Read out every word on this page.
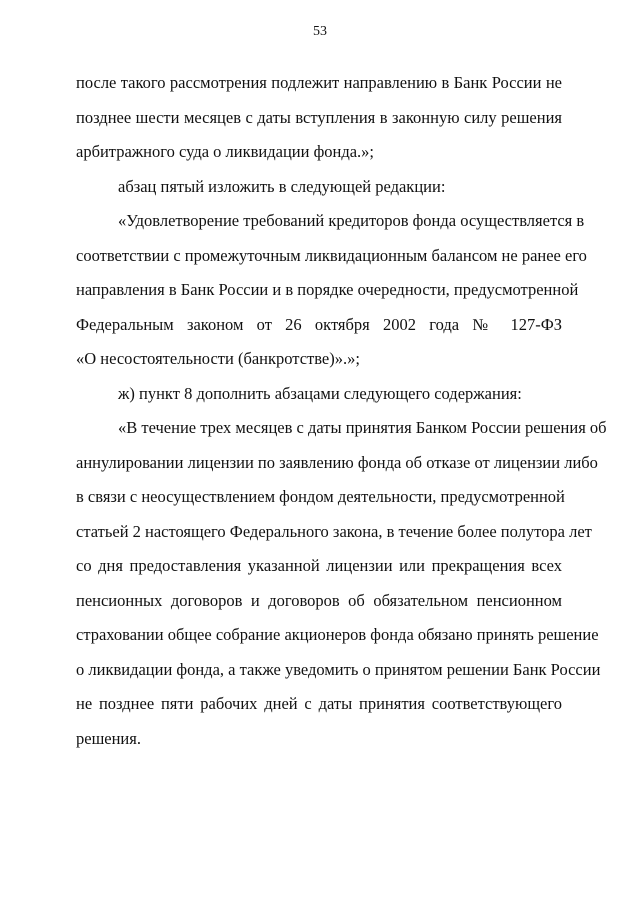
53
после такого рассмотрения подлежит направлению в Банк России не
позднее шести месяцев с даты вступления в законную силу решения
арбитражного суда о ликвидации фонда.»;
абзац пятый изложить в следующей редакции:
«Удовлетворение требований кредиторов фонда осуществляется в
соответствии с промежуточным ликвидационным балансом не ранее его
направления в Банк России и в порядке очередности, предусмотренной
Федеральным законом от 26 октября 2002 года № 127-ФЗ
«О несостоятельности (банкротстве)».»;
ж) пункт 8 дополнить абзацами следующего содержания:
«В течение трех месяцев с даты принятия Банком России решения об
аннулировании лицензии по заявлению фонда об отказе от лицензии либо
в связи с неосуществлением фондом деятельности, предусмотренной
статьей 2 настоящего Федерального закона, в течение более полутора лет
со дня предоставления указанной лицензии или прекращения всех
пенсионных договоров и договоров об обязательном пенсионном
страховании общее собрание акционеров фонда обязано принять решение
о ликвидации фонда, а также уведомить о принятом решении Банк России
не позднее пяти рабочих дней с даты принятия соответствующего
решения.
